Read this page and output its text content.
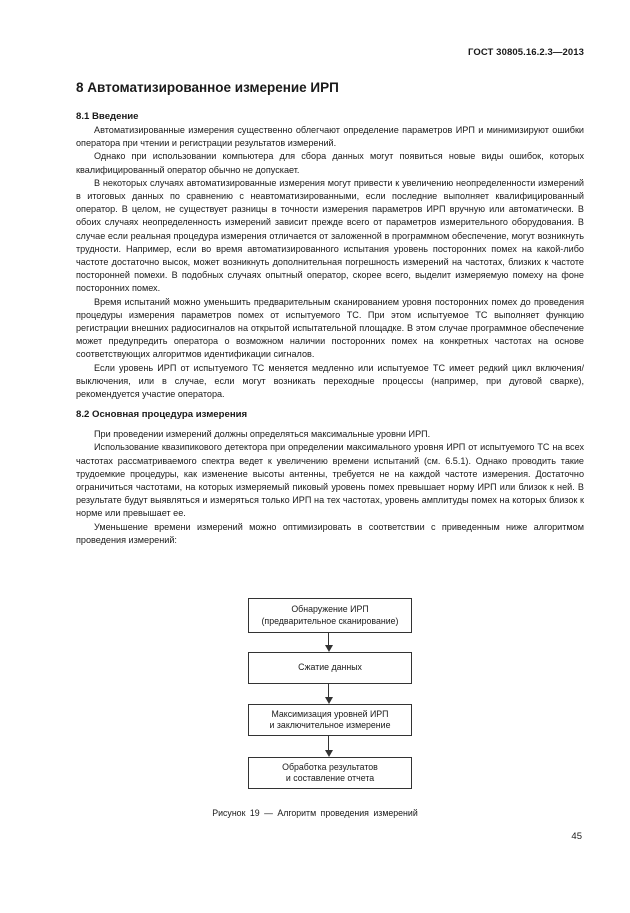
ГОСТ 30805.16.2.3—2013
8 Автоматизированное измерение ИРП
8.1 Введение

Автоматизированные измерения существенно облегчают определение параметров ИРП и минимизируют ошибки оператора при чтении и регистрации результатов измерений.

Однако при использовании компьютера для сбора данных могут появиться новые виды ошибок, которых квалифицированный оператор обычно не допускает.

В некоторых случаях автоматизированные измерения могут привести к увеличению неопределенности измерений в итоговых данных по сравнению с неавтоматизированными, если последние выполняет квалифицированный оператор. В целом, не существует разницы в точности измерения параметров ИРП вручную или автоматически. В обоих случаях неопределенность измерений зависит прежде всего от параметров измерительного оборудования. В случае если реальная процедура измерения отличается от заложенной в программном обеспечение, могут возникнуть трудности. Например, если во время автоматизированного испытания уровень посторонних помех на какой-либо частоте достаточно высок, может возникнуть дополнительная погрешность измерений на частотах, близких к частоте посторонней помехи. В подобных случаях опытный оператор, скорее всего, выделит измеряемую помеху на фоне посторонних помех.

Время испытаний можно уменьшить предварительным сканированием уровня посторонних помех до проведения процедуры измерения параметров помех от испытуемого ТС. При этом испытуемое ТС выполняет функцию регистрации внешних радиосигналов на открытой испытательной площадке. В этом случае программное обеспечение может предупредить оператора о возможном наличии посторонних помех на конкретных частотах на основе соответствующих алгоритмов идентификации сигналов.

Если уровень ИРП от испытуемого ТС меняется медленно или испытуемое ТС имеет редкий цикл включения/выключения, или в случае, если могут возникать переходные процессы (например, при дуговой сварке), рекомендуется участие оператора.

8.2 Основная процедура измерения

При проведении измерений должны определяться максимальные уровни ИРП.

Использование квазипикового детектора при определении максимального уровня ИРП от испытуемого ТС на всех частотах рассматриваемого спектра ведет к увеличению времени испытаний (см. 6.5.1). Однако проводить такие трудоемкие процедуры, как изменение высоты антенны, требуется не на каждой частоте измерения. Достаточно ограничиться частотами, на которых измеряемый пиковый уровень помех превышает норму ИРП или близок к ней. В результате будут выявляться и измеряться только ИРП на тех частотах, уровень амплитуды помех на которых близок к норме или превышает ее.

Уменьшение времени измерений можно оптимизировать в соответствии с приведенным ниже алгоритмом проведения измерений:

Обнаружение ИРП
(предварительное сканирование)
Сжатие данных
Максимизация уровней ИРП
и заключительное измерение
Обработка результатов
и составление отчета
Рисунок 19 — Алгоритм проведения измерений
45
